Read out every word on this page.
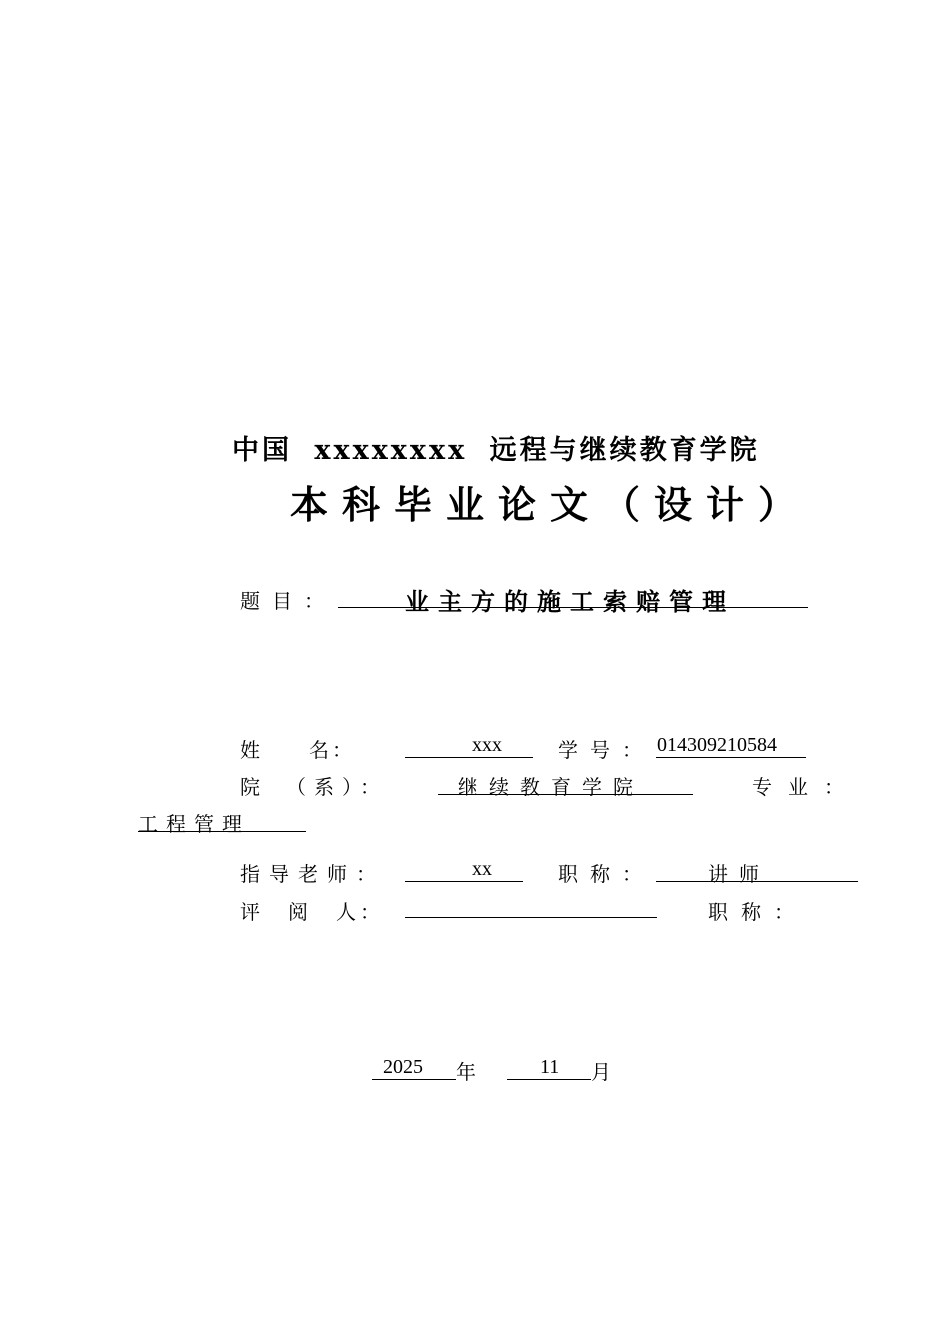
中国 xxxxxxxx 远程与继续教育学院
本科毕业论文（设计）
题目：	业主方的施工索赔管理
姓　　名：	xxx	学号： 014309210584
院　（系）：	继续教育学院	专业：
工程管理
指导老师：	xx	职称：	讲师
评　阅　人：	职称：
2025 年	11 月
